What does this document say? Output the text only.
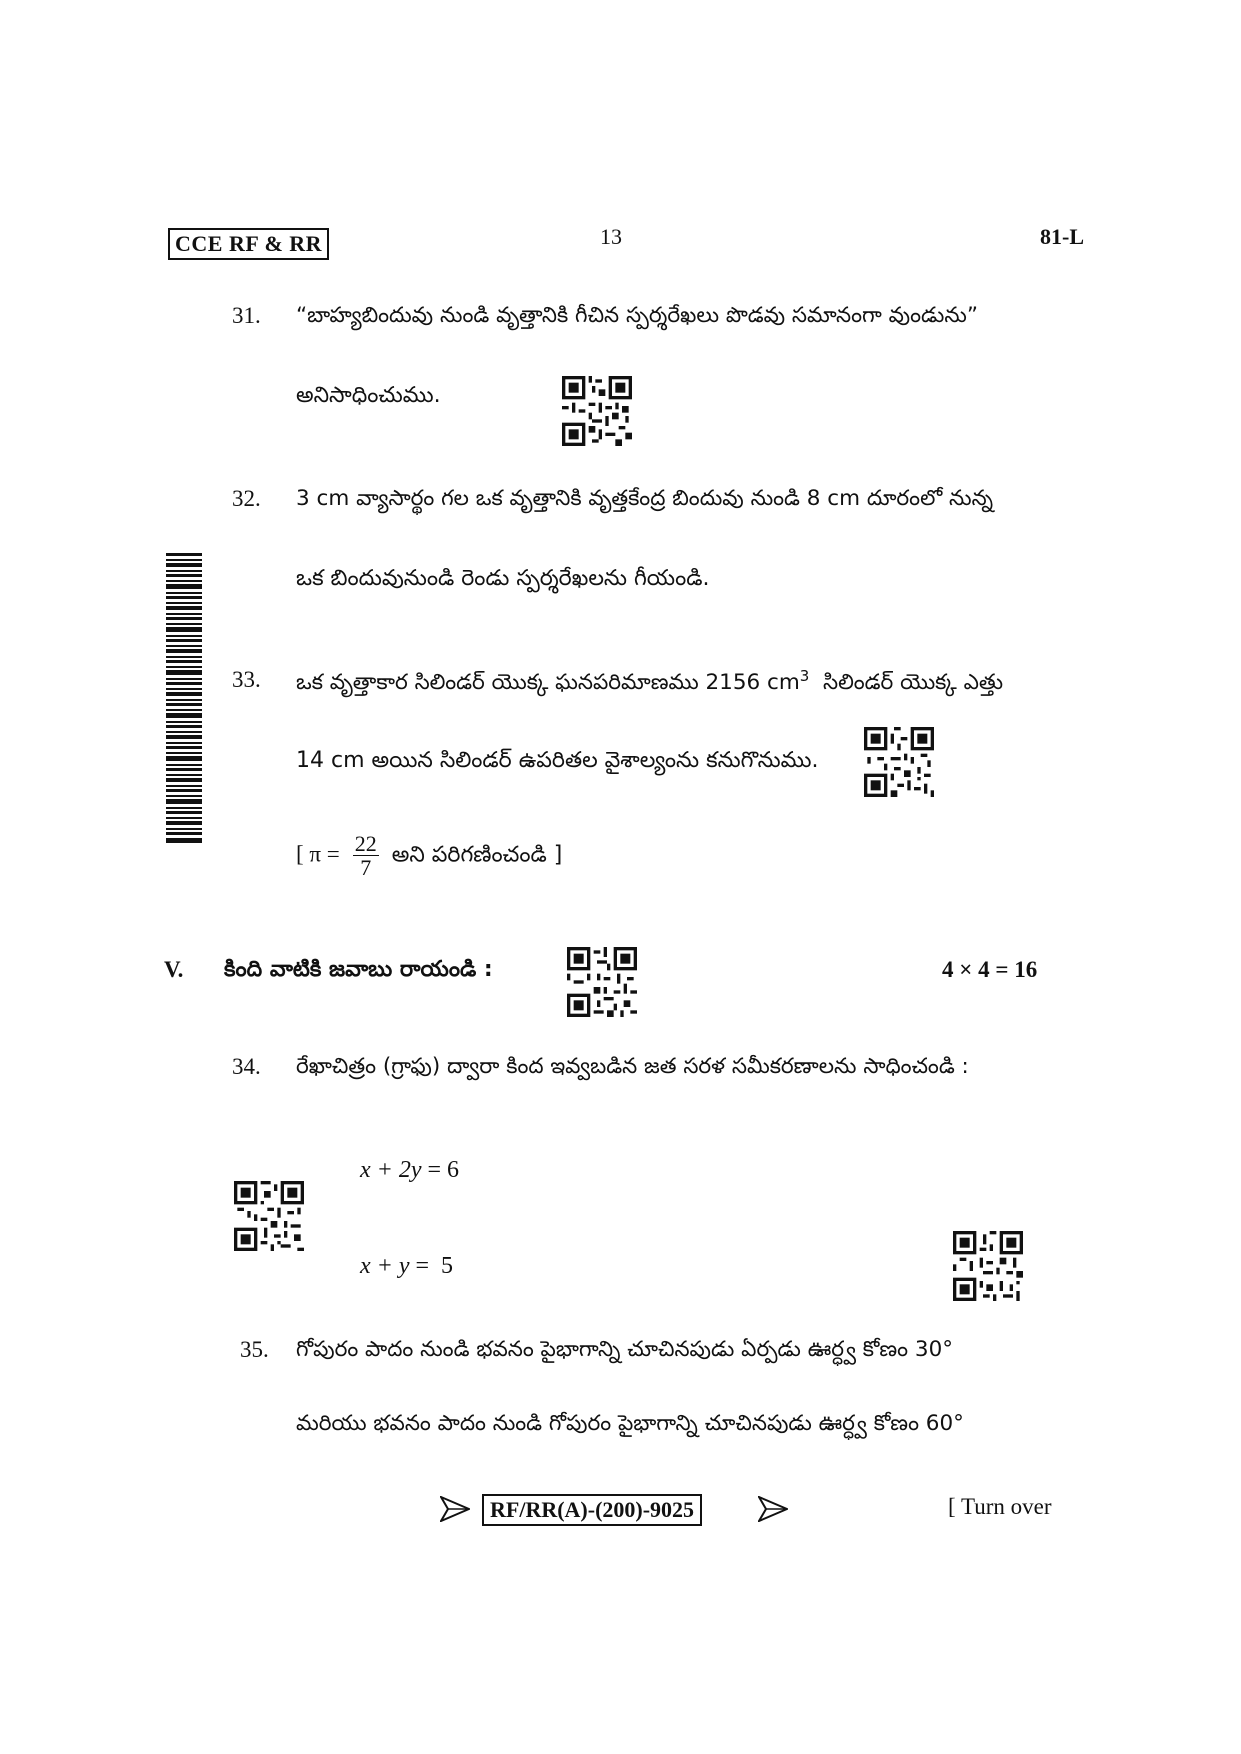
CCE RF & RR	13	81-L
31. “బాహ్యబిందువు నుండి వృత్తానికి గీచిన స్పర్శరేఖలు పొడవు సమానంగా వుండును”
అనిసాధించుము.
32. 3 cm వ్యాసార్థం గల ఒక వృత్తానికి వృత్తకేంద్ర బిందువు నుండి 8 cm దూరంలో నున్న
ఒక బిందువునుండి రెండు స్పర్శరేఖలను గీయండి.
33. ఒక వృత్తాకార సిలిండర్ యొక్క ఘనపరిమాణము 2156 $cm^3$ సిలిండర్ యొక్క ఎత్తు
14 cm అయిన సిలిండర్ ఉపరితల వైశాల్యంను కనుగొనుము.
[ $\pi = \frac{22}{7}$ అని పరిగణించండి ]
V. కింది వాటికి జవాబు రాయండి :	4 × 4 = 16
34. రేఖాచిత్రం (గ్రాఫు) ద్వారా కింద ఇవ్వబడిన జత సరళ సమీకరణాలను సాధించండి :
x + 2y = 6
x + y =  5
35. గోపురం పాదం నుండి భవనం పైభాగాన్ని చూచినపుడు ఏర్పడు ఊర్ధ్వ కోణం 30°
మరియు భవనం పాదం నుండి గోపురం పైభాగాన్ని చూచినపుడు ఊర్ధ్వ కోణం 60°
RF/RR(A)-(200)-9025	[ Turn over
